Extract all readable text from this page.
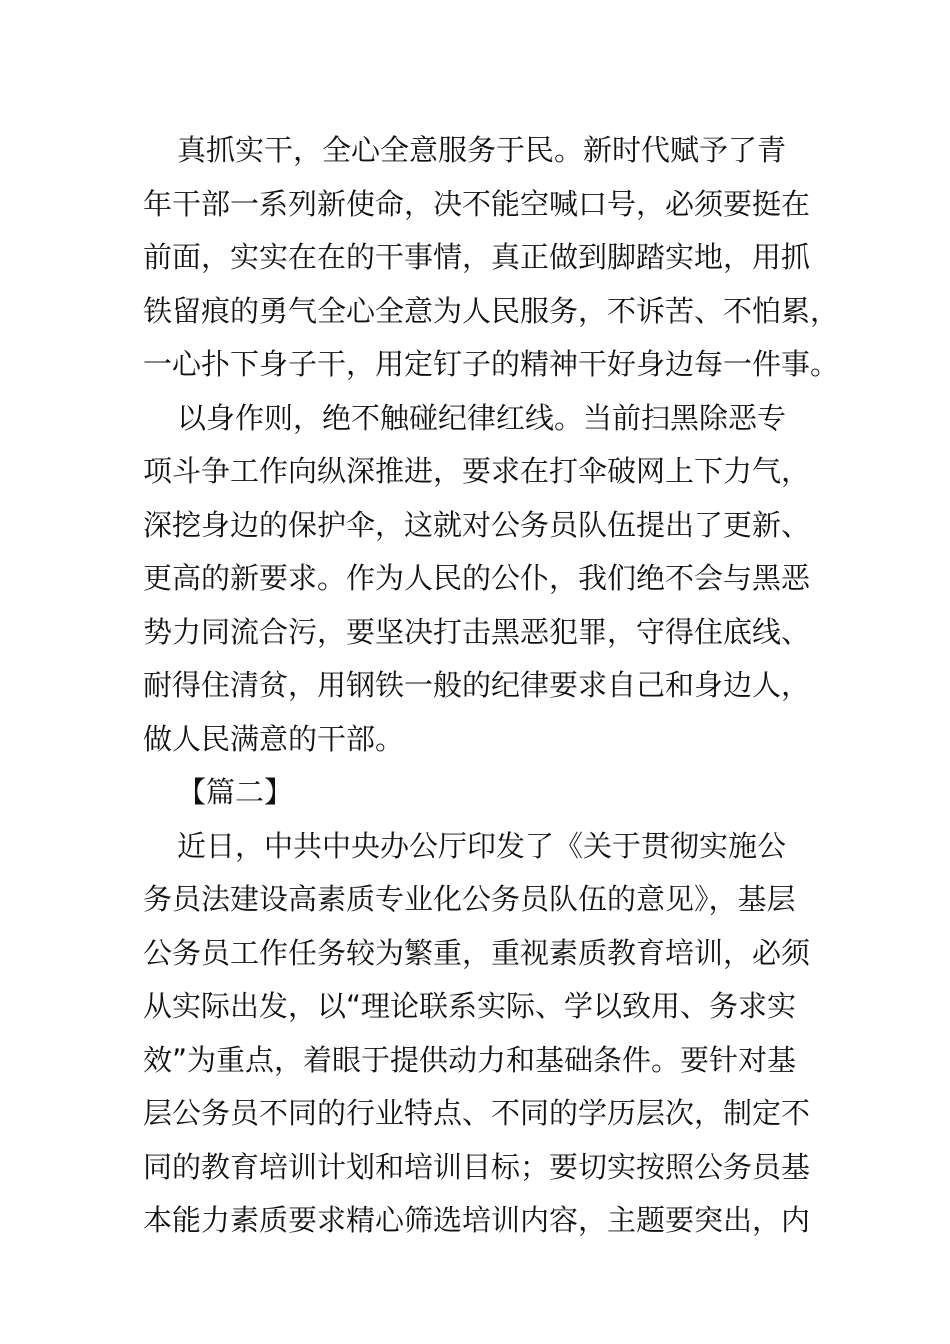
真抓实干，全心全意服务于民。新时代赋予了青
年干部一系列新使命，决不能空喊口号，必须要挺在
前面，实实在在的干事情，真正做到脚踏实地，用抓
铁留痕的勇气全心全意为人民服务，不诉苦、不怕累，
一心扑下身子干，用定钉子的精神干好身边每一件事。
以身作则，绝不触碰纪律红线。当前扫黑除恶专
项斗争工作向纵深推进，要求在打伞破网上下力气，
深挖身边的保护伞，这就对公务员队伍提出了更新、
更高的新要求。作为人民的公仆，我们绝不会与黑恶
势力同流合污，要坚决打击黑恶犯罪，守得住底线、
耐得住清贫，用钢铁一般的纪律要求自己和身边人，
做人民满意的干部。
【篇二】
近日，中共中央办公厅印发了《关于贯彻实施公
务员法建设高素质专业化公务员队伍的意见》，基层
公务员工作任务较为繁重，重视素质教育培训，必须
从实际出发，以“理论联系实际、学以致用、务求实
效”为重点，着眼于提供动力和基础条件。要针对基
层公务员不同的行业特点、不同的学历层次，制定不
同的教育培训计划和培训目标；要切实按照公务员基
本能力素质要求精心筛选培训内容，主题要突出，内
